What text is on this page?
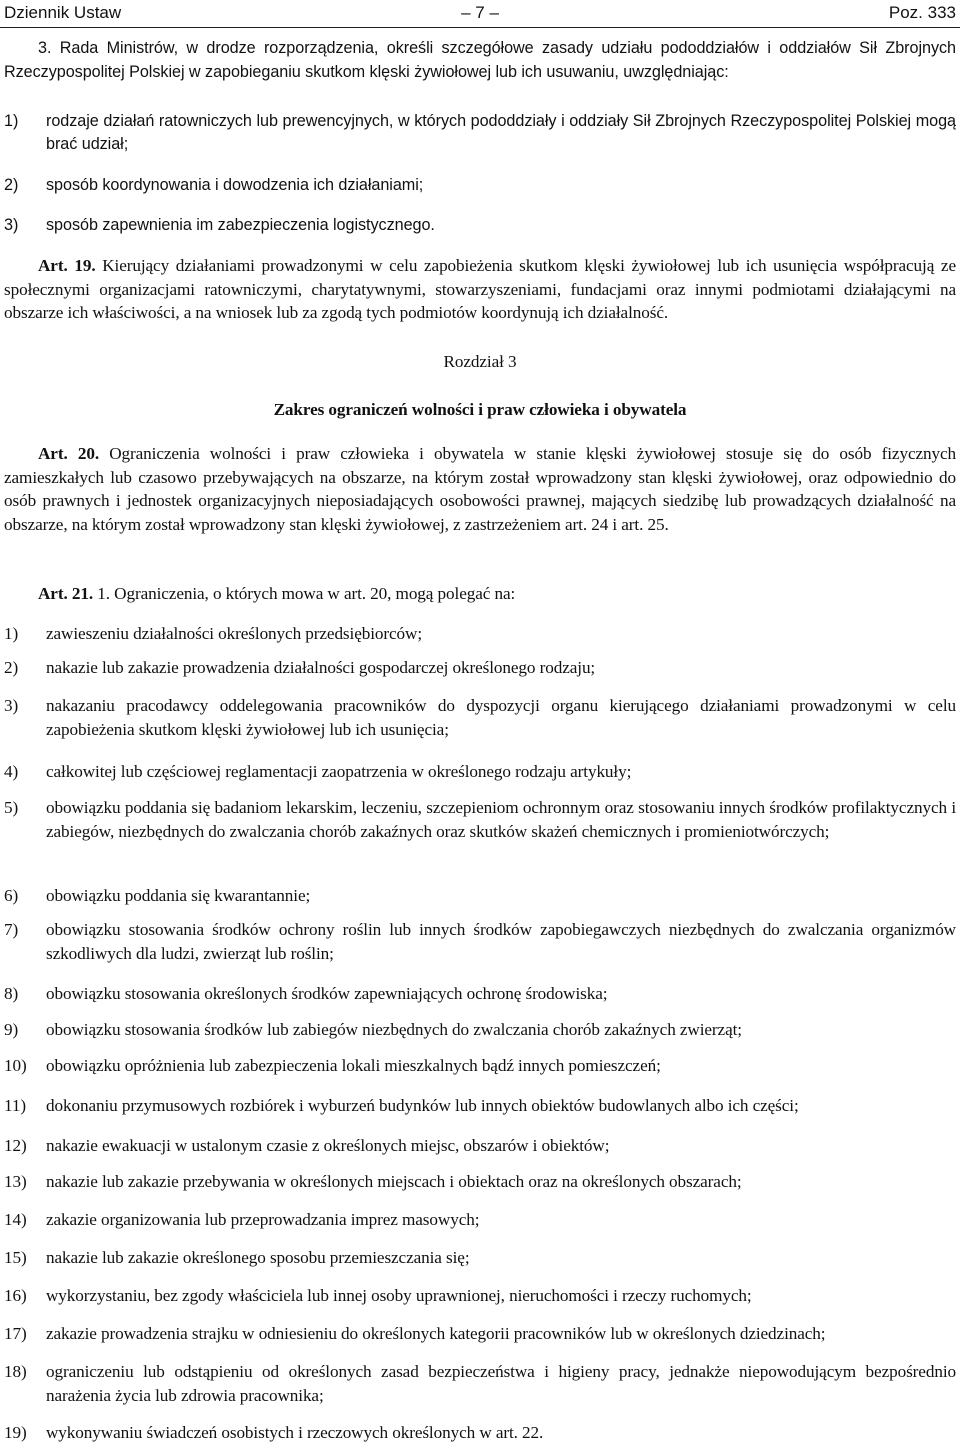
Dziennik Ustaw	– 7 –	Poz. 333
3. Rada Ministrów, w drodze rozporządzenia, określi szczegółowe zasady udziału pododdziałów i oddziałów Sił Zbrojnych Rzeczypospolitej Polskiej w zapobieganiu skutkom klęski żywiołowej lub ich usuwaniu, uwzględniając:
1) rodzaje działań ratowniczych lub prewencyjnych, w których pododdziały i oddziały Sił Zbrojnych Rzeczypospolitej Polskiej mogą brać udział;
2) sposób koordynowania i dowodzenia ich działaniami;
3) sposób zapewnienia im zabezpieczenia logistycznego.
Art. 19. Kierujący działaniami prowadzonymi w celu zapobieżenia skutkom klęski żywiołowej lub ich usunięcia współpracują ze społecznymi organizacjami ratowniczymi, charytatywnymi, stowarzyszeniami, fundacjami oraz innymi podmiotami działającymi na obszarze ich właściwości, a na wniosek lub za zgodą tych podmiotów koordynują ich działalność.
Rozdział 3
Zakres ograniczeń wolności i praw człowieka i obywatela
Art. 20. Ograniczenia wolności i praw człowieka i obywatela w stanie klęski żywiołowej stosuje się do osób fizycznych zamieszkałych lub czasowo przebywających na obszarze, na którym został wprowadzony stan klęski żywiołowej, oraz odpowiednio do osób prawnych i jednostek organizacyjnych nieposiadających osobowości prawnej, mających siedzibę lub prowadzących działalność na obszarze, na którym został wprowadzony stan klęski żywiołowej, z zastrzeżeniem art. 24 i art. 25.
Art. 21. 1. Ograniczenia, o których mowa w art. 20, mogą polegać na:
1) zawieszeniu działalności określonych przedsiębiorców;
2) nakazie lub zakazie prowadzenia działalności gospodarczej określonego rodzaju;
3) nakazaniu pracodawcy oddelegowania pracowników do dyspozycji organu kierującego działaniami prowadzonymi w celu zapobieżenia skutkom klęski żywiołowej lub ich usunięcia;
4) całkowitej lub częściowej reglamentacji zaopatrzenia w określonego rodzaju artykuły;
5) obowiązku poddania się badaniom lekarskim, leczeniu, szczepieniom ochronnym oraz stosowaniu innych środków profilaktycznych i zabiegów, niezbędnych do zwalczania chorób zakaźnych oraz skutków skażeń chemicznych i promieniotwórczych;
6) obowiązku poddania się kwarantannie;
7) obowiązku stosowania środków ochrony roślin lub innych środków zapobiegawczych niezbędnych do zwalczania organizmów szkodliwych dla ludzi, zwierząt lub roślin;
8) obowiązku stosowania określonych środków zapewniających ochronę środowiska;
9) obowiązku stosowania środków lub zabiegów niezbędnych do zwalczania chorób zakaźnych zwierząt;
10) obowiązku opróżnienia lub zabezpieczenia lokali mieszkalnych bądź innych pomieszczeń;
11) dokonaniu przymusowych rozbiórek i wyburzeń budynków lub innych obiektów budowlanych albo ich części;
12) nakazie ewakuacji w ustalonym czasie z określonych miejsc, obszarów i obiektów;
13) nakazie lub zakazie przebywania w określonych miejscach i obiektach oraz na określonych obszarach;
14) zakazie organizowania lub przeprowadzania imprez masowych;
15) nakazie lub zakazie określonego sposobu przemieszczania się;
16) wykorzystaniu, bez zgody właściciela lub innej osoby uprawnionej, nieruchomości i rzeczy ruchomych;
17) zakazie prowadzenia strajku w odniesieniu do określonych kategorii pracowników lub w określonych dziedzinach;
18) ograniczeniu lub odstąpieniu od określonych zasad bezpieczeństwa i higieny pracy, jednakże niepowodującym bezpośrednio narażenia życia lub zdrowia pracownika;
19) wykonywaniu świadczeń osobistych i rzeczowych określonych w art. 22.
